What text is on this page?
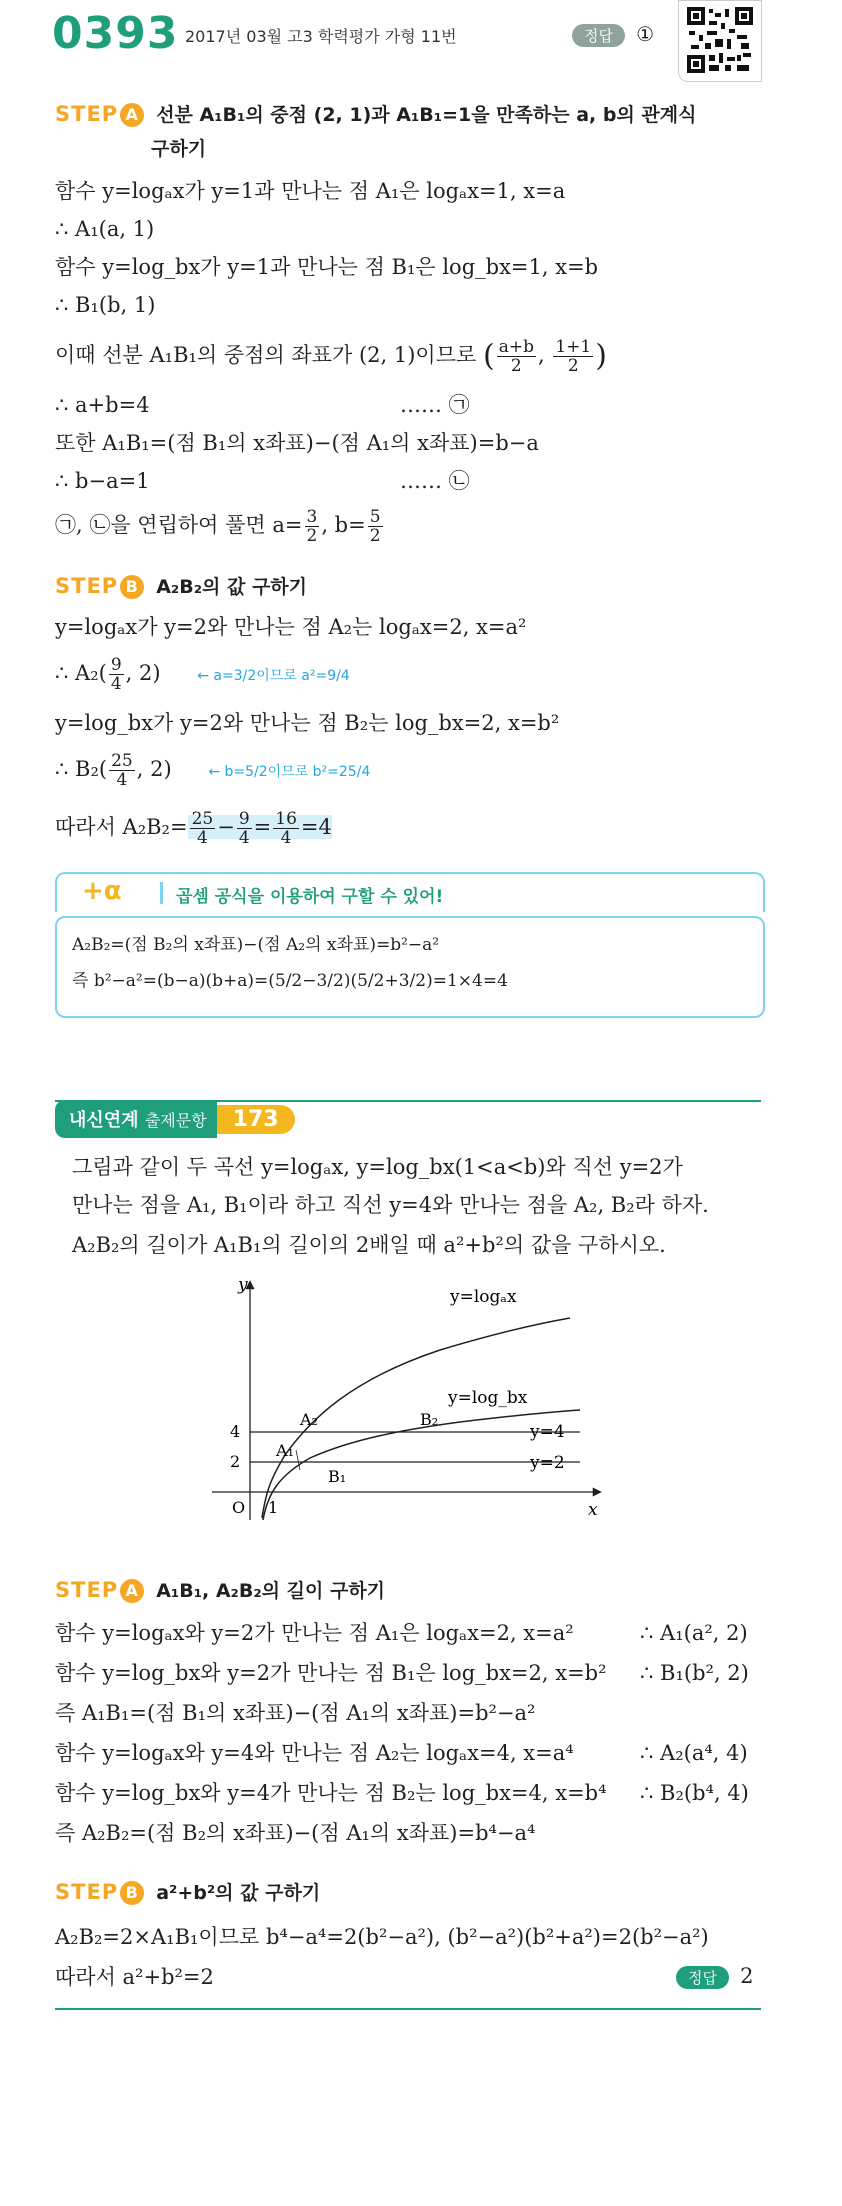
0393 2017년 03월 고3 학력평가 가형 11번	정답 ①
STEP A 선분 A₁B₁의 중점 (2, 1)과 A₁B₁=1을 만족하는 a, b의 관계식
구하기
함수 y=logₐx가 y=1과 만나는 점 A₁은 logₐx=1, x=a
∴ A₁(a, 1)
함수 y=log_bx가 y=1과 만나는 점 B₁은 log_bx=1, x=b
∴ B₁(b, 1)
이때 선분 A₁B₁의 중점의 좌표가 (2, 1)이므로 ( $\frac{a+b}{2}$ , $\frac{1+1}{2}$ )
∴ a+b=4	…… ㉠
또한 A₁B₁=(점 B₁의 x좌표)−(점 A₁의 x좌표)=b−a
∴ b−a=1	…… ㉡
㉠, ㉡을 연립하여 풀면 $a= \frac{3}{2}$ , $b= \frac{5}{2}$
STEP B A₂B₂의 값 구하기
y=logₐx가 y=2와 만나는 점 A₂는 logₐx=2, x=a²
∴ $A_2( \frac{9}{4}$ , 2)	← a=3/2이므로 a²=9/4
y=log_bx가 y=2와 만나는 점 B₂는 log_bx=2, x=b²
∴ $B_2( \frac{25}{4}$ , 2)	← b=5/2이므로 b²=25/4
따라서 $A_2B_2= \frac{25}{4} - \frac{9}{4} = \frac{16}{4} =4$
+α	곱셈 공식을 이용하여 구할 수 있어!
A₂B₂=(점 B₂의 x좌표)−(점 A₂의 x좌표)=b²−a²
즉 b²−a²=(b−a)(b+a)=(5/2−3/2)(5/2+3/2)=1×4=4
내신연계 출제문항 173
그림과 같이 두 곡선 y=logₐx, y=log_bx(1<a<b)와 직선 y=2가
만나는 점을 A₁, B₁이라 하고 직선 y=4와 만나는 점을 A₂, B₂라 하자.
A₂B₂의 길이가 A₁B₁의 길이의 2배일 때 a²+b²의 값을 구하시오.
y
x
O 1
4
2
y=logₐx
y=log_bx
y=4
y=2
A₂	B₂
A₁
B₁
STEP A A₁B₁, A₂B₂의 길이 구하기
함수 y=logₐx와 y=2가 만나는 점 A₁은 logₐx=2, x=a²	∴ A₁(a², 2)
함수 y=log_bx와 y=2가 만나는 점 B₁은 log_bx=2, x=b² ∴ B₁(b², 2)
즉 A₁B₁=(점 B₁의 x좌표)−(점 A₁의 x좌표)=b²−a²
함수 y=logₐx와 y=4와 만나는 점 A₂는 logₐx=4, x=a⁴	∴ A₂(a⁴, 4)
함수 y=log_bx와 y=4가 만나는 점 B₂는 log_bx=4, x=b⁴ ∴ B₂(b⁴, 4)
즉 A₂B₂=(점 B₂의 x좌표)−(점 A₁의 x좌표)=b⁴−a⁴
STEP B a²+b²의 값 구하기
A₂B₂=2×A₁B₁이므로 b⁴−a⁴=2(b²−a²), (b²−a²)(b²+a²)=2(b²−a²)
따라서 a²+b²=2	정답 2
